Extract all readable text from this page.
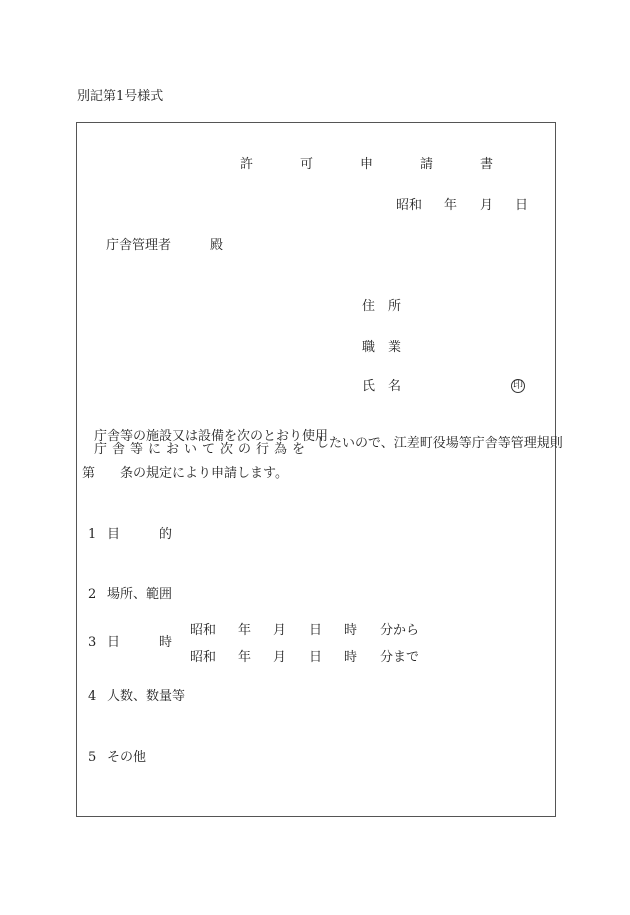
別記第1号様式
許　可　申　請　書
昭和 年 月 日
庁舎管理者	殿
住　所
職　業
氏　名	印
庁舎等の施設又は設備を次のとおり使用
庁舎等において次の行為を したいので、江差町役場等庁舎等管理規則
第 条の規定により申請します。
1 目　　　的
2 場所、範囲
3 日　　　時
昭和 年 月 日 時 分から
昭和 年 月 日 時 分まで
4 人数、数量等
5 その他
